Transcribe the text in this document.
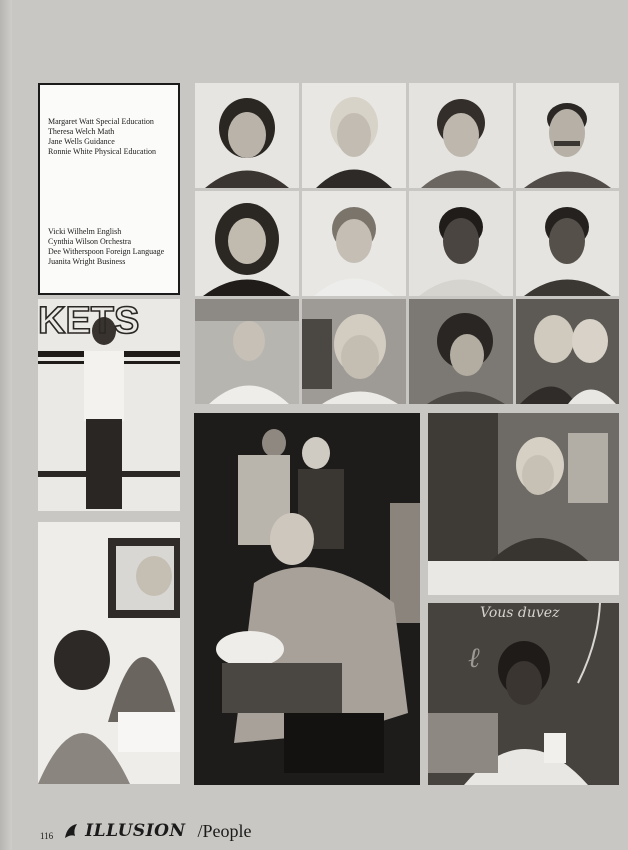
Margaret Watt Special Education
Theresa Welch Math
Jane Wells Guidance
Ronnie White Physical Education
Vicki Wilhelm English
Cynthia Wilson Orchestra
Dee Witherspoon Foreign Language
Juanita Wright Business
KETS
Vous duvez
ℓ
116 ILLUSION /People
